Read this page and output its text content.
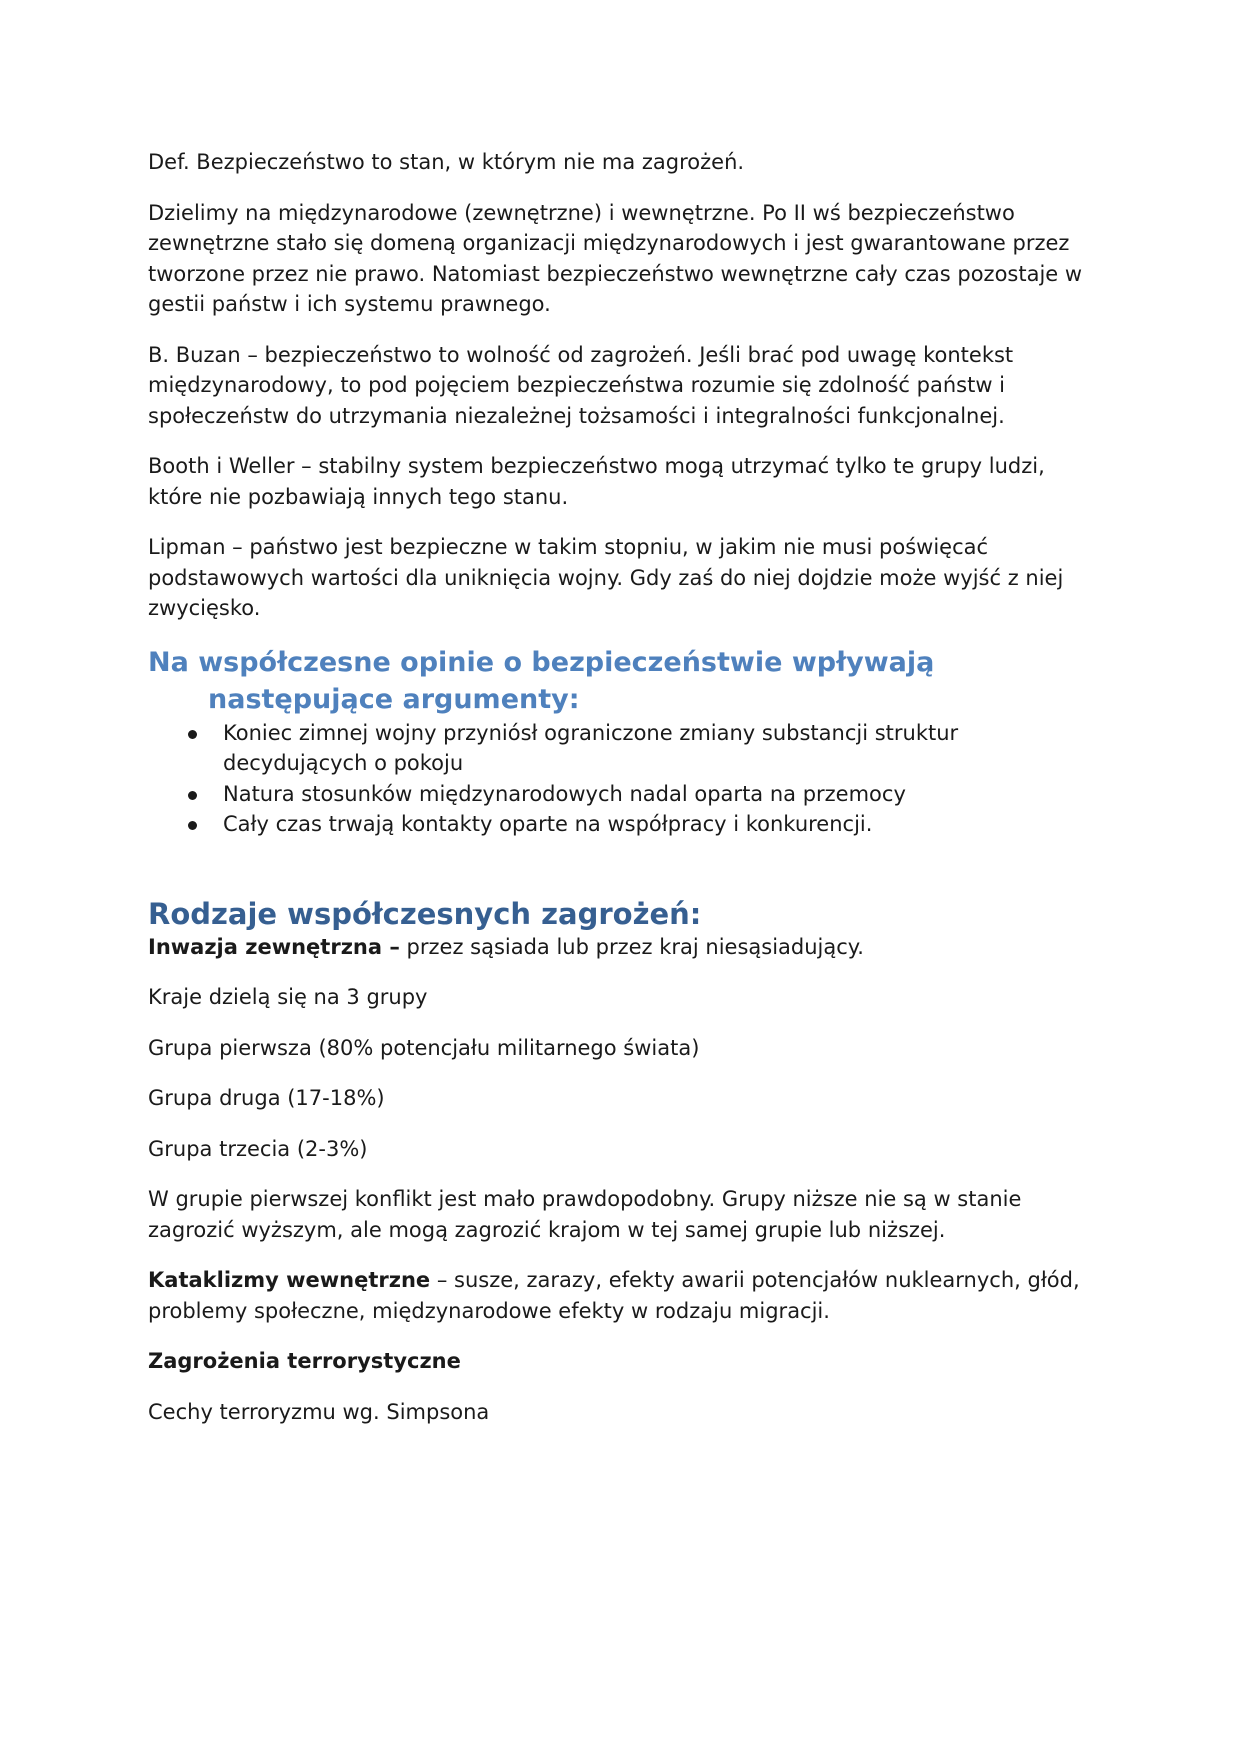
Def. Bezpieczeństwo to stan, w którym nie ma zagrożeń.

Dzielimy na międzynarodowe (zewnętrzne) i wewnętrzne. Po II wś bezpieczeństwo zewnętrzne stało się domeną organizacji międzynarodowych i jest gwarantowane przez tworzone przez nie prawo. Natomiast bezpieczeństwo wewnętrzne cały czas pozostaje w gestii państw i ich systemu prawnego.

B. Buzan – bezpieczeństwo to wolność od zagrożeń. Jeśli brać pod uwagę kontekst międzynarodowy, to pod pojęciem bezpieczeństwa rozumie się zdolność państw i społeczeństw do utrzymania niezależnej tożsamości i integralności funkcjonalnej.

Booth i Weller – stabilny system bezpieczeństwo mogą utrzymać tylko te grupy ludzi, które nie pozbawiają innych tego stanu.

Lipman – państwo jest bezpieczne w takim stopniu, w jakim nie musi poświęcać podstawowych wartości dla uniknięcia wojny. Gdy zaś do niej dojdzie może wyjść z niej zwycięsko.

Na współczesne opinie o bezpieczeństwie wpływają następujące argumenty:
Koniec zimnej wojny przyniósł ograniczone zmiany substancji struktur decydujących o pokoju
Natura stosunków międzynarodowych nadal oparta na przemocy
Cały czas trwają kontakty oparte na współpracy i konkurencji.
Rodzaje współczesnych zagrożeń:

Inwazja zewnętrzna – przez sąsiada lub przez kraj niesąsiadujący.

Kraje dzielą się na 3 grupy

Grupa pierwsza (80% potencjału militarnego świata)

Grupa druga (17-18%)

Grupa trzecia (2-3%)

W grupie pierwszej konflikt jest mało prawdopodobny. Grupy niższe nie są w stanie zagrozić wyższym, ale mogą zagrozić krajom w tej samej grupie lub niższej.

Kataklizmy wewnętrzne – susze, zarazy, efekty awarii potencjałów nuklearnych, głód, problemy społeczne, międzynarodowe efekty w rodzaju migracji.

Zagrożenia terrorystyczne

Cechy terroryzmu wg. Simpsona
